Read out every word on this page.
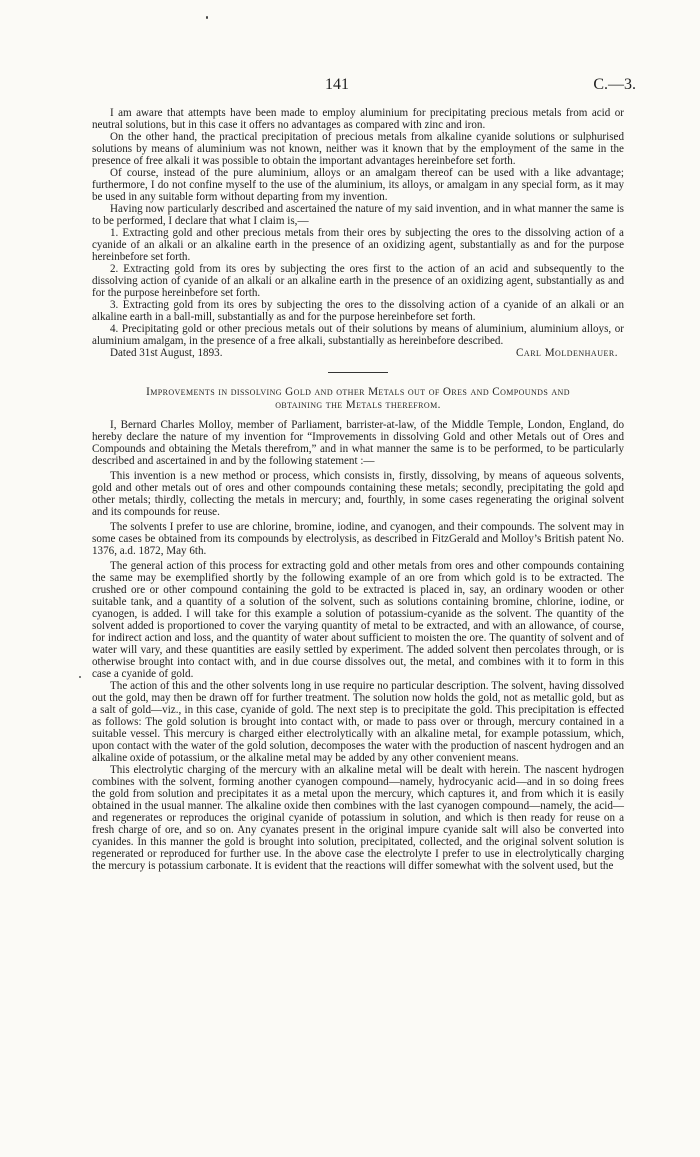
141	C.—3.

I am aware that attempts have been made to employ aluminium for precipitating precious metals from acid or neutral solutions, but in this case it offers no advantages as compared with zinc and iron.

On the other hand, the practical precipitation of precious metals from alkaline cyanide solutions or sulphurised solutions by means of aluminium was not known, neither was it known that by the employment of the same in the presence of free alkali it was possible to obtain the important advantages hereinbefore set forth.

Of course, instead of the pure aluminium, alloys or an amalgam thereof can be used with a like advantage; furthermore, I do not confine myself to the use of the aluminium, its alloys, or amalgam in any special form, as it may be used in any suitable form without departing from my invention.

Having now particularly described and ascertained the nature of my said invention, and in what manner the same is to be performed, I declare that what I claim is,—

1. Extracting gold and other precious metals from their ores by subjecting the ores to the dissolving action of a cyanide of an alkali or an alkaline earth in the presence of an oxidizing agent, substantially as and for the purpose hereinbefore set forth.

2. Extracting gold from its ores by subjecting the ores first to the action of an acid and subsequently to the dissolving action of cyanide of an alkali or an alkaline earth in the presence of an oxidizing agent, substantially as and for the purpose hereinbefore set forth.

3. Extracting gold from its ores by subjecting the ores to the dissolving action of a cyanide of an alkali or an alkaline earth in a ball-mill, substantially as and for the purpose hereinbefore set forth.

4. Precipitating gold or other precious metals out of their solutions by means of aluminium, aluminium alloys, or aluminium amalgam, in the presence of a free alkali, substantially as hereinbefore described.

Dated 31st August, 1893.	Carl Moldenhauer.
Improvements in dissolving Gold and other Metals out of Ores and Compounds and
obtaining the Metals therefrom.

I, Bernard Charles Molloy, member of Parliament, barrister-at-law, of the Middle Temple, London, England, do hereby declare the nature of my invention for “Improvements in dissolving Gold and other Metals out of Ores and Compounds and obtaining the Metals therefrom,” and in what manner the same is to be performed, to be particularly described and ascertained in and by the following statement :—

This invention is a new method or process, which consists in, firstly, dissolving, by means of aqueous solvents, gold and other metals out of ores and other compounds containing these metals; secondly, precipitating the gold and other metals; thirdly, collecting the metals in mercury; and, fourthly, in some cases regenerating the original solvent and its compounds for reuse.

The solvents I prefer to use are chlorine, bromine, iodine, and cyanogen, and their compounds. The solvent may in some cases be obtained from its compounds by electrolysis, as described in FitzGerald and Molloy’s British patent No. 1376, a.d. 1872, May 6th.

The general action of this process for extracting gold and other metals from ores and other compounds containing the same may be exemplified shortly by the following example of an ore from which gold is to be extracted. The crushed ore or other compound containing the gold to be extracted is placed in, say, an ordinary wooden or other suitable tank, and a quantity of a solution of the solvent, such as solutions containing bromine, chlorine, iodine, or cyanogen, is added. I will take for this example a solution of potassium-cyanide as the solvent. The quantity of the solvent added is proportioned to cover the varying quantity of metal to be extracted, and with an allowance, of course, for indirect action and loss, and the quantity of water about sufficient to moisten the ore. The quantity of solvent and of water will vary, and these quantities are easily settled by experiment. The added solvent then percolates through, or is otherwise brought into contact with, and in due course dissolves out, the metal, and combines with it to form in this case a cyanide of gold.

The action of this and the other solvents long in use require no particular description. The solvent, having dissolved out the gold, may then be drawn off for further treatment. The solution now holds the gold, not as metallic gold, but as a salt of gold—viz., in this case, cyanide of gold. The next step is to precipitate the gold. This precipitation is effected as follows: The gold solution is brought into contact with, or made to pass over or through, mercury contained in a suitable vessel. This mercury is charged either electrolytically with an alkaline metal, for example potassium, which, upon contact with the water of the gold solution, decomposes the water with the production of nascent hydrogen and an alkaline oxide of potassium, or the alkaline metal may be added by any other convenient means.

This electrolytic charging of the mercury with an alkaline metal will be dealt with herein. The nascent hydrogen combines with the solvent, forming another cyanogen compound—namely, hydrocyanic acid—and in so doing frees the gold from solution and precipitates it as a metal upon the mercury, which captures it, and from which it is easily obtained in the usual manner. The alkaline oxide then combines with the last cyanogen compound—namely, the acid—and regenerates or reproduces the original cyanide of potassium in solution, and which is then ready for reuse on a fresh charge of ore, and so on. Any cyanates present in the original impure cyanide salt will also be converted into cyanides. In this manner the gold is brought into solution, precipitated, collected, and the original solvent solution is regenerated or reproduced for further use. In the above case the electrolyte I prefer to use in electrolytically charging the mercury is potassium carbonate. It is evident that the reactions will differ somewhat with the solvent used, but the
